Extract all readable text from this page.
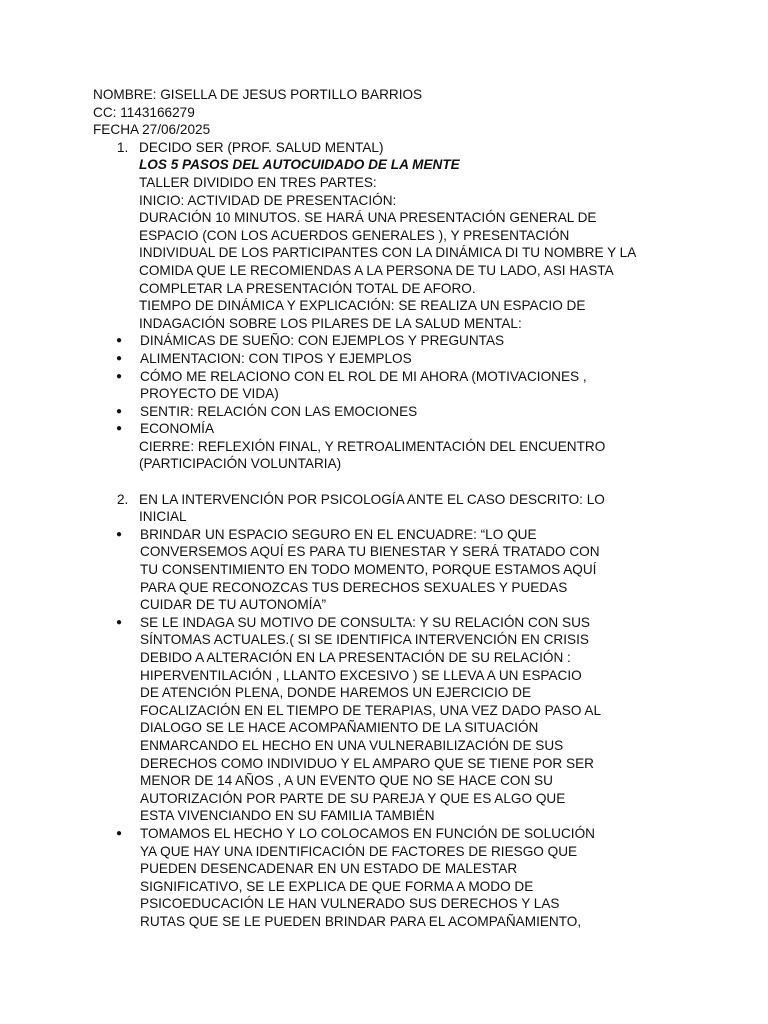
NOMBRE: GISELLA DE JESUS PORTILLO BARRIOS
CC: 1143166279
FECHA 27/06/2025
1. DECIDO SER (PROF. SALUD MENTAL)
LOS 5 PASOS DEL AUTOCUIDADO DE LA MENTE
TALLER DIVIDIDO EN TRES PARTES:
INICIO: ACTIVIDAD DE PRESENTACIÓN:
DURACIÓN 10 MINUTOS. SE HARÁ UNA PRESENTACIÓN GENERAL DE
ESPACIO (CON LOS ACUERDOS GENERALES ), Y PRESENTACIÓN
INDIVIDUAL DE LOS PARTICIPANTES CON LA DINÁMICA DI TU NOMBRE Y LA
COMIDA QUE LE RECOMIENDAS A LA PERSONA DE TU LADO, ASI HASTA
COMPLETAR LA PRESENTACIÓN TOTAL DE AFORO.
TIEMPO DE DINÁMICA Y EXPLICACIÓN: SE REALIZA UN ESPACIO DE
INDAGACIÓN SOBRE LOS PILARES DE LA SALUD MENTAL:
● DINÁMICAS DE SUEÑO: CON EJEMPLOS Y PREGUNTAS
● ALIMENTACION: CON TIPOS Y EJEMPLOS
● CÓMO ME RELACIONO CON EL ROL DE MI AHORA (MOTIVACIONES ,
PROYECTO DE VIDA)
● SENTIR: RELACIÓN CON LAS EMOCIONES
● ECONOMÍA
CIERRE: REFLEXIÓN FINAL, Y RETROALIMENTACIÓN DEL ENCUENTRO
(PARTICIPACIÓN VOLUNTARIA)
2. EN LA INTERVENCIÓN POR PSICOLOGÍA ANTE EL CASO DESCRITO: LO
INICIAL
● BRINDAR UN ESPACIO SEGURO EN EL ENCUADRE: “LO QUE
CONVERSEMOS AQUÍ ES PARA TU BIENESTAR Y SERÁ TRATADO CON
TU CONSENTIMIENTO EN TODO MOMENTO, PORQUE ESTAMOS AQUÍ
PARA QUE RECONOZCAS TUS DERECHOS SEXUALES Y PUEDAS
CUIDAR DE TU AUTONOMÍA”
● SE LE INDAGA SU MOTIVO DE CONSULTA: Y SU RELACIÓN CON SUS
SÍNTOMAS ACTUALES.( SI SE IDENTIFICA INTERVENCIÓN EN CRISIS
DEBIDO A ALTERACIÓN EN LA PRESENTACIÓN DE SU RELACIÓN :
HIPERVENTILACIÓN , LLANTO EXCESIVO ) SE LLEVA A UN ESPACIO
DE ATENCIÓN PLENA, DONDE HAREMOS UN EJERCICIO DE
FOCALIZACIÓN EN EL TIEMPO DE TERAPIAS, UNA VEZ DADO PASO AL
DIALOGO SE LE HACE ACOMPAÑAMIENTO DE LA SITUACIÓN
ENMARCANDO EL HECHO EN UNA VULNERABILIZACIÓN DE SUS
DERECHOS COMO INDIVIDUO Y EL AMPARO QUE SE TIENE POR SER
MENOR DE 14 AÑOS , A UN EVENTO QUE NO SE HACE CON SU
AUTORIZACIÓN POR PARTE DE SU PAREJA Y QUE ES ALGO QUE
ESTA VIVENCIANDO EN SU FAMILIA TAMBIÉN
● TOMAMOS EL HECHO Y LO COLOCAMOS EN FUNCIÓN DE SOLUCIÓN
YA QUE HAY UNA IDENTIFICACIÓN DE FACTORES DE RIESGO QUE
PUEDEN DESENCADENAR EN UN ESTADO DE MALESTAR
SIGNIFICATIVO, SE LE EXPLICA DE QUE FORMA A MODO DE
PSICOEDUCACIÓN LE HAN VULNERADO SUS DERECHOS Y LAS
RUTAS QUE SE LE PUEDEN BRINDAR PARA EL ACOMPAÑAMIENTO,
